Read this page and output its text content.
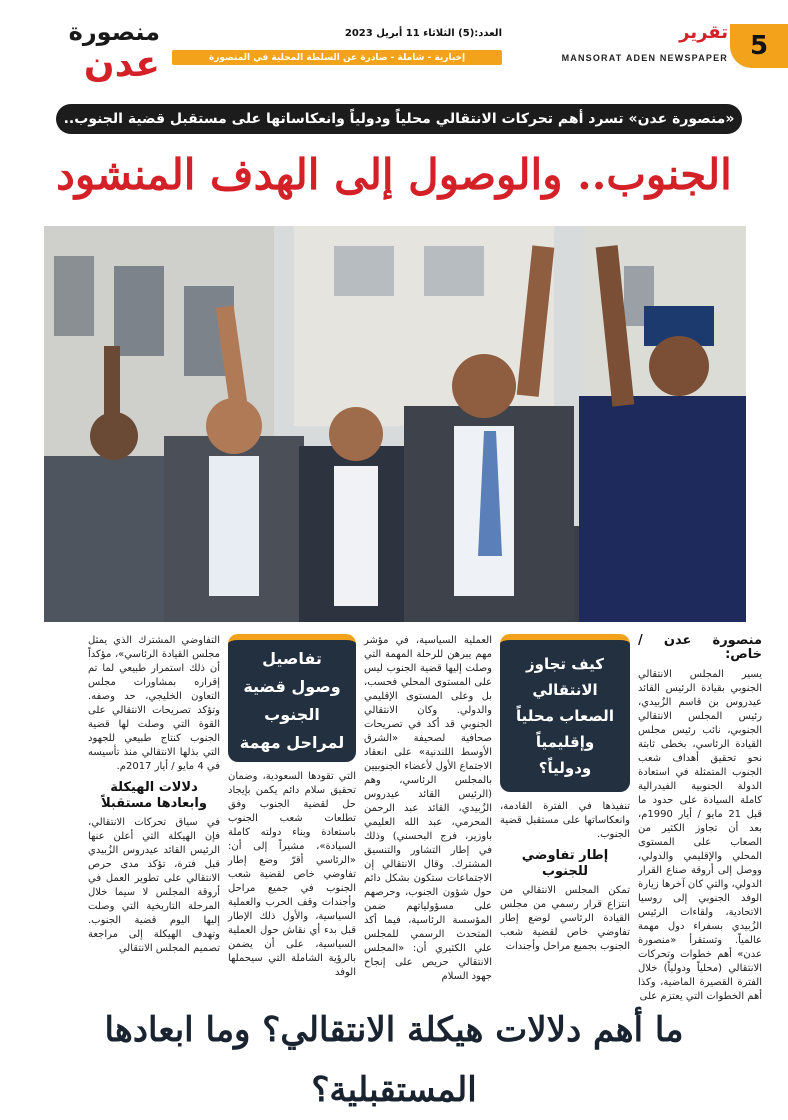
5
تقرير
MANSORAT ADEN NEWSPAPER
العدد:(5) الثلاثاء 11 أبريل 2023
إخبارية - شاملة - صادرة عن السلطة المحلية في المنصورة
منصورة
عدن
«منصورة عدن» تسرد أهم تحركات الانتقالي محلياً ودولياً وانعكاساتها على مستقبل قضية الجنوب..
الجنوب.. والوصول إلى الهدف المنشود
منصورة عدن / خاص:

يسير المجلس الانتقالي الجنوبي بقيادة الرئيس القائد عيدروس بن قاسم الزُبيدي، رئيس المجلس الانتقالي الجنوبي، نائب رئيس مجلس القيادة الرئاسي، بخطى ثابتة نحو تحقيق أهداف شعب الجنوب المتمثلة في استعادة الدولة الجنوبية الفيدرالية كاملة السيادة على حدود ما قبل 21 مايو / أيار 1990م، بعد أن تجاوز الكثير من الصعاب على المستوى المحلي والإقليمي والدولي، ووصل إلى أروقة صناع القرار الدولي، والتي كان آخرها زيارة الوفد الجنوبي إلى روسيا الاتحادية، ولقاءات الرئيس الزُبيدي بسفراء دول مهمة عالمياً. وتستقرأ «منصورة عدن» أهم خطوات وتحركات الانتقالي (محلياً ودولياً) خلال الفترة القصيرة الماضية، وكذا أهم الخطوات التي يعتزم على

كيف تجاوز الانتقالي الصعاب محلياً وإقليمياً ودولياً؟

تنفيذها في الفترة القادمة، وانعكاساتها على مستقبل قضية الجنوب.

إطار تفاوضي للجنوب

تمكن المجلس الانتقالي من انتزاع قرار رسمي من مجلس القيادة الرئاسي لوضع إطار تفاوضي خاص لقضية شعب الجنوب بجميع مراحل وأجندات

العملية السياسية، في مؤشر مهم يبرهن للرحلة المهمة التي وصلت إليها قضية الجنوب ليس على المستوى المحلي فحسب، بل وعلى المستوى الإقليمي والدولي. وكان الانتقالي الجنوبي قد أكد في تصريحات صحافية لصحيفة «الشرق الأوسط اللندنية» على انعقاد الاجتماع الأول لأعضاء الجنوبيين بالمجلس الرئاسي، وهم (الرئيس القائد عيدروس الزُبيدي، القائد عبد الرحمن المحرمي، عبد الله العليمي باوزير، فرج البحسني) وذلك في إطار التشاور والتنسيق المشترك. وقال الانتقالي إن الاجتماعات ستكون بشكل دائم حول شؤون الجنوب، وحرصهم على مسؤولياتهم ضمن المؤسسة الرئاسية، فيما أكد المتحدث الرسمي للمجلس علي الكثيري أن: «المجلس الانتقالي حريص على إنجاح جهود السلام

تفاصيل وصول قضية الجنوب لمراحل مهمة

التي تقودها السعودية، وضمان تحقيق سلام دائم يكمن بإيجاد حل لقضية الجنوب وفق تطلعات شعب الجنوب باستعادة وبناء دولته كاملة السيادة»، مشيراً إلى أن: «الرئاسي أقرّ وضع إطار تفاوضي خاص لقضية شعب الجنوب في جميع مراحل وأجندات وقف الحرب والعملية السياسية، والأول ذلك الإطار قبل بدء أي نقاش حول العملية السياسية، على أن يضمن بالرؤية الشاملة التي سيحملها الوفد

التفاوضي المشترك الذي يمثل مجلس القيادة الرئاسي»، مؤكداً أن ذلك استمرار طبيعي لما تم إقراره بمشاورات مجلس التعاون الخليجي، حد وصفه. وتؤكد تصريحات الانتقالي على القوة التي وصلت لها قضية الجنوب كنتاج طبيعي للجهود التي بذلها الانتقالي منذ تأسيسه في 4 مايو / أيار 2017م.

دلالات الهيكلة وابعادها مستقبلاً

في سياق تحركات الانتقالي، فإن الهيكلة التي أعلن عنها الرئيس القائد عيدروس الزُبيدي قبل فترة، تؤكد مدى حرص الانتقالي على تطوير العمل في أروقة المجلس لا سيما خلال المرحلة التاريخية التي وصلت إليها اليوم قضية الجنوب. وتهدف الهيكلة إلى مراجعة تصميم المجلس الانتقالي

ما أهم دلالات هيكلة الانتقالي؟ وما ابعادها المستقبلية؟
